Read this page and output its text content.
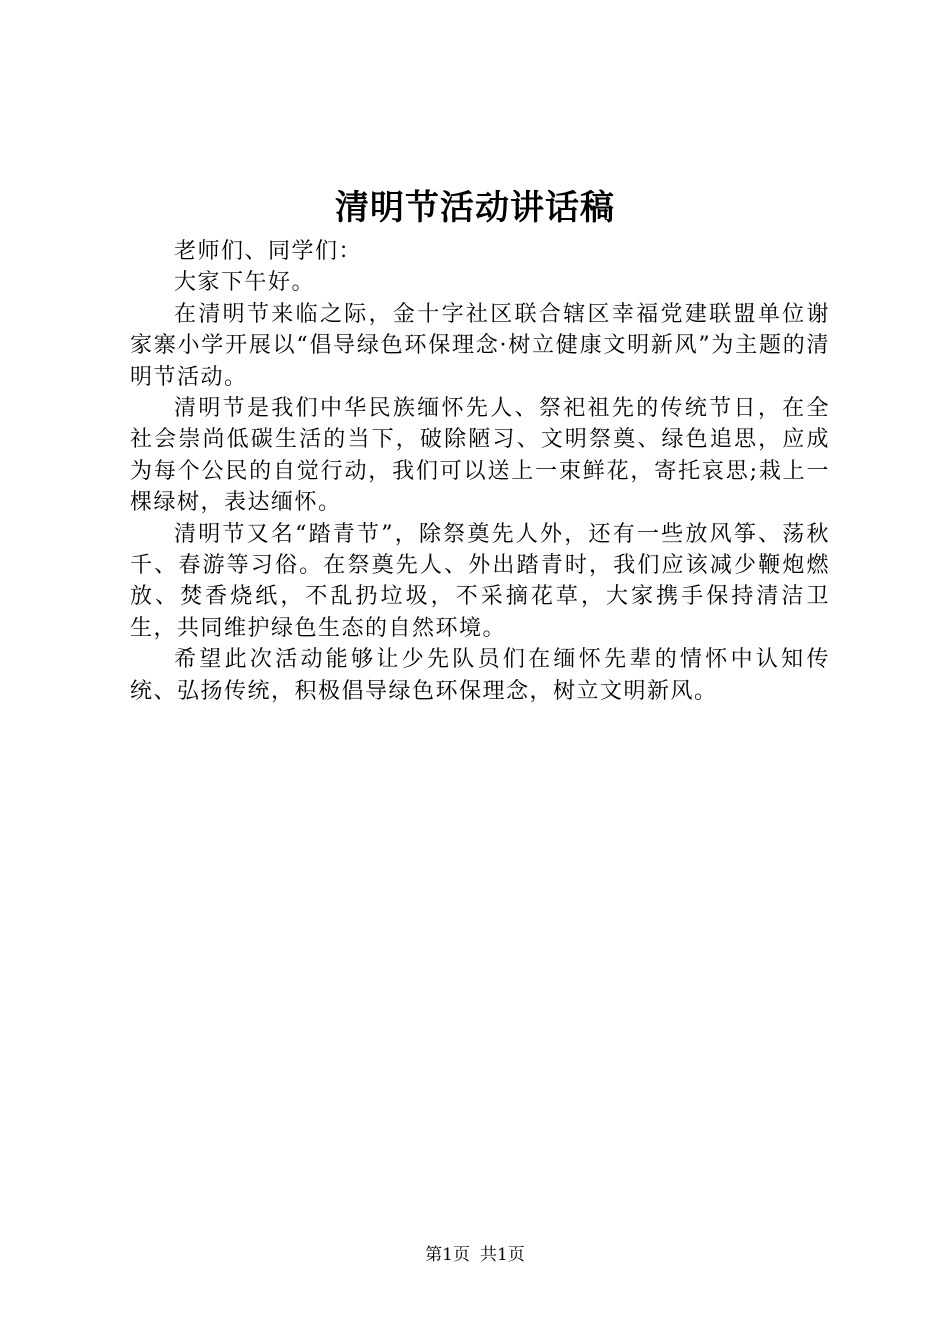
清明节活动讲话稿

老师们、同学们：

大家下午好。

在清明节来临之际，金十字社区联合辖区幸福党建联盟单位谢家寨小学开展以“倡导绿色环保理念·树立健康文明新风”为主题的清明节活动。

清明节是我们中华民族缅怀先人、祭祀祖先的传统节日，在全社会崇尚低碳生活的当下，破除陋习、文明祭奠、绿色追思，应成为每个公民的自觉行动，我们可以送上一束鲜花，寄托哀思;栽上一棵绿树，表达缅怀。

清明节又名“踏青节”，除祭奠先人外，还有一些放风筝、荡秋千、春游等习俗。在祭奠先人、外出踏青时，我们应该减少鞭炮燃放、焚香烧纸，不乱扔垃圾，不采摘花草，大家携手保持清洁卫生，共同维护绿色生态的自然环境。

希望此次活动能够让少先队员们在缅怀先辈的情怀中认知传统、弘扬传统，积极倡导绿色环保理念，树立文明新风。

第1页 共1页
